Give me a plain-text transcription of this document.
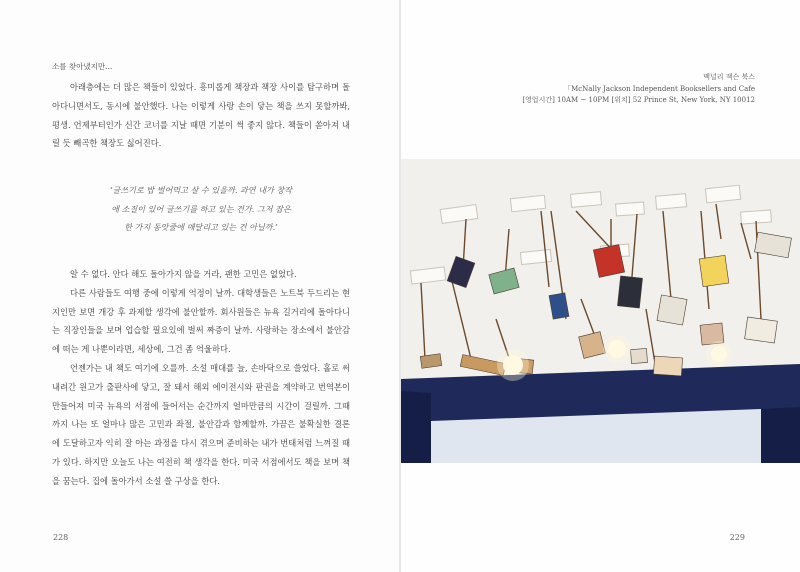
소를 찾아냈지만...

아래층에는 더 많은 책들이 있었다. 흥미롭게 책장과 책장 사이를 탐구하며 돌아다니면서도, 동시에 불안했다. 나는 이렇게 사랑 손이 닿는 책을 쓰지 못할까봐, 평생. 언제부터인가 신간 코너를 지날 때면 기분이 썩 좋지 않다. 책들이 쏟아져 내릴 듯 빼곡한 책장도 싫어진다.

‘글쓰기로 밥 벌어먹고 살 수 있을까. 과연 내가 창작
에 소질이 있어 글쓰기를 하고 있는 건가. 그저 잡은
한 가지 동앗줄에 매달리고 있는 건 아닐까.’

알 수 없다. 안다 해도 돌아가지 않을 거라, 괜한 고민은 없었다.

다른 사람들도 여행 중에 이렇게 억정이 날까. 대학생들은 노트북 두드리는 현지인만 보면 개강 후 과제할 생각에 불안할까. 회사원들은 뉴욕 길거리에 돌아다니는 직장인들을 보며 업습할 필요있에 벌써 짜증이 날까. 사랑하는 장소에서 불안감에 떠는 게 나뿐이라면, 세상에, 그건 좀 억울하다.

언젠가는 내 책도 여기에 오를까. 소설 매대를 늘, 손바닥으로 쓸었다. 홀로 써내려간 원고가 출판사에 닿고, 잘 돼서 해외 에이전시와 판권을 계약하고 번역본이 만들어져 미국 뉴욕의 서점에 들어서는 순간까지 얼마만큼의 시간이 걸릴까. 그때까지 나는 또 얼마나 많은 고민과 좌절, 불안감과 함께할까. 가끔은 불확실한 결론에 도달하고자 익히 잘 아는 과정을 다시 겪으며 준비하는 내가 번태처럼 느껴질 때가 있다. 하지만 오늘도 나는 여전히 책 생각을 한다. 미국 서점에서도 책을 보며 책을 꿈는다. 집에 돌아가서 소설 쓸 구상을 한다.

228
맥널리 잭슨 북스
「McNally Jackson Independent Booksellers and Cafe
[영업시간] 10AM ~ 10PM [위치] 52 Prince St, New York, NY 10012
229
